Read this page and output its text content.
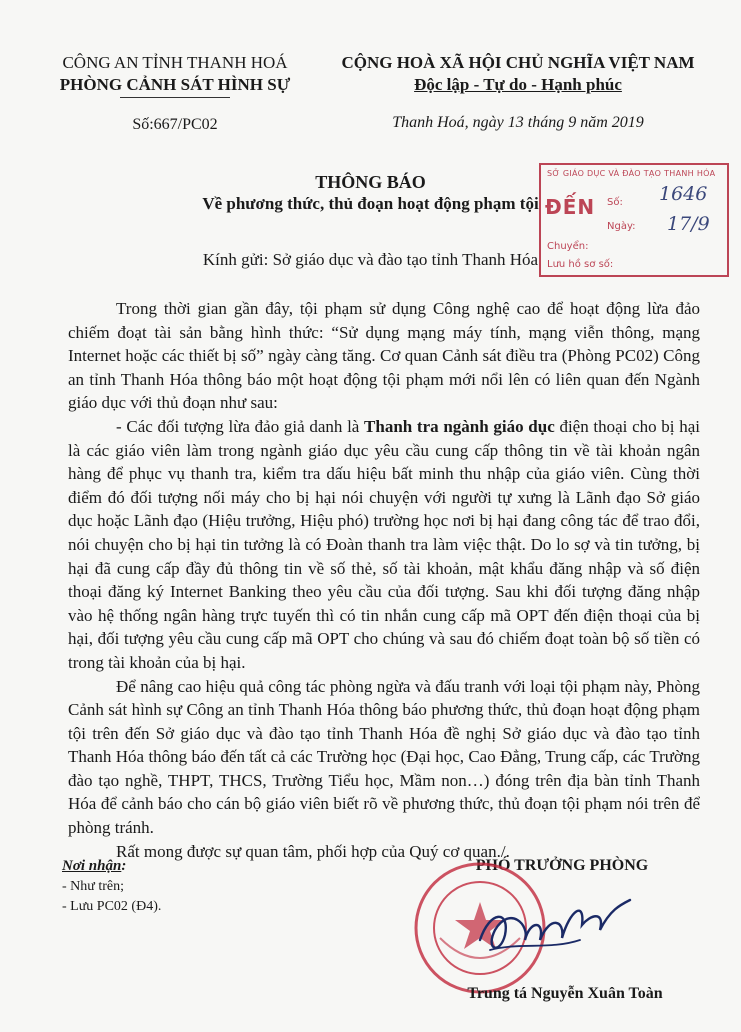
CÔNG AN TỈNH THANH HOÁ
PHÒNG CẢNH SÁT HÌNH SỰ
Số:667/PC02
CỘNG HOÀ XÃ HỘI CHỦ NGHĨA VIỆT NAM
Độc lập - Tự do - Hạnh phúc
Thanh Hoá, ngày 13 tháng 9 năm 2019
SỞ GIÁO DỤC VÀ ĐÀO TẠO THANH HÓA
ĐẾN Số: 1646
Ngày: 17/9
Chuyển:
Lưu hồ sơ số:
THÔNG BÁO
Về phương thức, thủ đoạn hoạt động phạm tội
Kính gửi: Sở giáo dục và đào tạo tỉnh Thanh Hóa

Trong thời gian gần đây, tội phạm sử dụng Công nghệ cao để hoạt động lừa đảo chiếm đoạt tài sản bằng hình thức: “Sử dụng mạng máy tính, mạng viễn thông, mạng Internet hoặc các thiết bị số” ngày càng tăng. Cơ quan Cảnh sát điều tra (Phòng PC02) Công an tỉnh Thanh Hóa thông báo một hoạt động tội phạm mới nổi lên có liên quan đến Ngành giáo dục với thủ đoạn như sau:

- Các đối tượng lừa đảo giả danh là Thanh tra ngành giáo dục điện thoại cho bị hại là các giáo viên làm trong ngành giáo dục yêu cầu cung cấp thông tin về tài khoản ngân hàng để phục vụ thanh tra, kiểm tra dấu hiệu bất minh thu nhập của giáo viên. Cùng thời điểm đó đối tượng nối máy cho bị hại nói chuyện với người tự xưng là Lãnh đạo Sở giáo dục hoặc Lãnh đạo (Hiệu trưởng, Hiệu phó) trường học nơi bị hại đang công tác để trao đổi, nói chuyện cho bị hại tin tưởng là có Đoàn thanh tra làm việc thật. Do lo sợ và tin tưởng, bị hại đã cung cấp đầy đủ thông tin về số thẻ, số tài khoản, mật khẩu đăng nhập và số điện thoại đăng ký Internet Banking theo yêu cầu của đối tượng. Sau khi đối tượng đăng nhập vào hệ thống ngân hàng trực tuyến thì có tin nhắn cung cấp mã OPT đến điện thoại của bị hại, đối tượng yêu cầu cung cấp mã OPT cho chúng và sau đó chiếm đoạt toàn bộ số tiền có trong tài khoản của bị hại.

Để nâng cao hiệu quả công tác phòng ngừa và đấu tranh với loại tội phạm này, Phòng Cảnh sát hình sự Công an tỉnh Thanh Hóa thông báo phương thức, thủ đoạn hoạt động phạm tội trên đến Sở giáo dục và đào tạo tỉnh Thanh Hóa đề nghị Sở giáo dục và đào tạo tỉnh Thanh Hóa thông báo đến tất cả các Trường học (Đại học, Cao Đẳng, Trung cấp, các Trường đào tạo nghề, THPT, THCS, Trường Tiểu học, Mầm non…) đóng trên địa bàn tỉnh Thanh Hóa để cảnh báo cho cán bộ giáo viên biết rõ về phương thức, thủ đoạn tội phạm nói trên để phòng tránh.

Rất mong được sự quan tâm, phối hợp của Quý cơ quan./.

Nơi nhận:
- Như trên;
- Lưu PC02 (Đ4).
PHÓ TRƯỞNG PHÒNG
Trung tá Nguyễn Xuân Toàn
